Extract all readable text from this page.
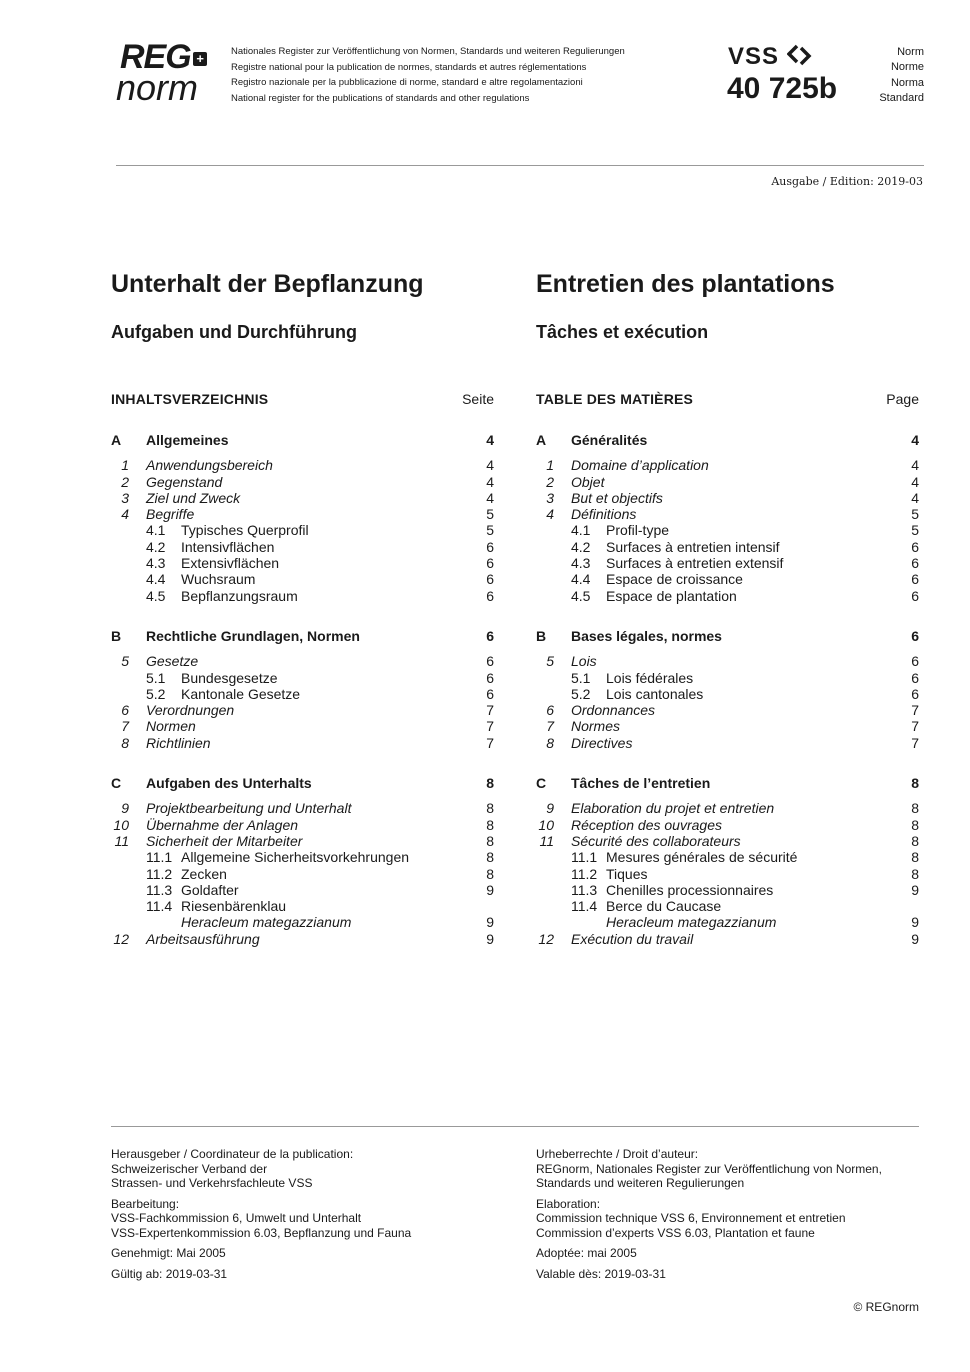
REG +
norm
Nationales Register zur Veröffentlichung von Normen, Standards und weiteren Regulierungen
Registre national pour la publication de normes, standards et autres réglementations
Registro nazionale per la pubblicazione di norme, standard e altre regolamentazioni
National register for the publications of standards and other regulations
VSS
40 725b
Norm
Norme
Norma
Standard
Ausgabe / Edition: 2019-03
Unterhalt der Bepflanzung
Aufgaben und Durchführung
Entretien des plantations
Tâches et exécution
INHALTSVERZEICHNIS	Seite	TABLE DES MATIÈRES	Page
A	Allgemeines	4
1 Anwendungsbereich	4
2 Gegenstand	4
3 Ziel und Zweck	4
4 Begriffe	5
4.1 Typisches Querprofil	5
4.2 Intensivflächen	6
4.3 Extensivflächen	6
4.4 Wuchsraum	6
4.5 Bepflanzungsraum	6
B	Rechtliche Grundlagen, Normen	6
5 Gesetze	6
5.1 Bundesgesetze	6
5.2 Kantonale Gesetze	6
6 Verordnungen	7
7 Normen	7
8 Richtlinien	7
C	Aufgaben des Unterhalts	8
9 Projektbearbeitung und Unterhalt	8
10 Übernahme der Anlagen	8
11 Sicherheit der Mitarbeiter	8
11.1 Allgemeine Sicherheitsvorkehrungen	8
11.2 Zecken	8
11.3 Goldafter	9
11.4 Riesenbärenklau
Heracleum mategazzianum	9
12 Arbeitsausführung	9
A	Généralités	4
1 Domaine d’application	4
2 Objet	4
3 But et objectifs	4
4 Définitions	5
4.1 Profil-type	5
4.2 Surfaces à entretien intensif	6
4.3 Surfaces à entretien extensif	6
4.4 Espace de croissance	6
4.5 Espace de plantation	6
B	Bases légales, normes	6
5 Lois	6
5.1 Lois fédérales	6
5.2 Lois cantonales	6
6 Ordonnances	7
7 Normes	7
8 Directives	7
C	Tâches de l’entretien	8
9 Elaboration du projet et entretien	8
10 Réception des ouvrages	8
11 Sécurité des collaborateurs	8
11.1 Mesures générales de sécurité	8
11.2 Tiques	8
11.3 Chenilles processionnaires	9
11.4 Berce du Caucase
Heracleum mategazzianum	9
12 Exécution du travail	9

Herausgeber / Coordinateur de la publication:
Schweizerischer Verband der
Strassen- und Verkehrsfachleute VSS

Bearbeitung:
VSS-Fachkommission 6, Umwelt und Unterhalt
VSS-Expertenkommission 6.03, Bepflanzung und Fauna

Genehmigt: Mai 2005

Gültig ab: 2019-03-31

Urheberrechte / Droit d’auteur:
REGnorm, Nationales Register zur Veröffentlichung von Normen,
Standards und weiteren Regulierungen

Elaboration:
Commission technique VSS 6, Environnement et entretien
Commission d’experts VSS 6.03, Plantation et faune

Adoptée: mai 2005

Valable dès: 2019-03-31

© REGnorm
